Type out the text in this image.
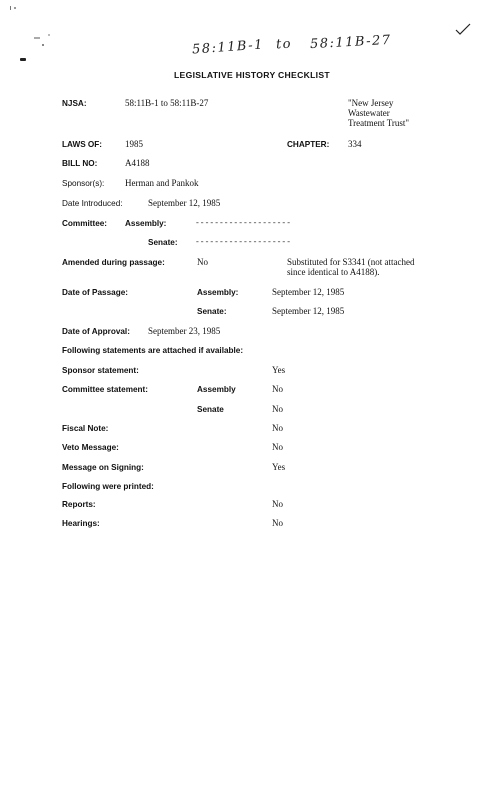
58:11B-1 to 58:11B-27
LEGISLATIVE HISTORY CHECKLIST
NJSA:	58:11B-1 to 58:11B-27	"New Jersey
Wastewater
Treatment Trust"
LAWS OF:	1985	CHAPTER: 334
BILL NO:	A4188
Sponsor(s): Herman and Pankok
Date Introduced:	September 12, 1985
Committee: Assembly:	--------------------
Senate: --------------------
Amended during passage:	No	Substituted for S3341 (not attached
since identical to A4188).
Date of Passage:	Assembly:	September 12, 1985
Senate:	September 12, 1985
Date of Approval: September 23, 1985
Following statements are attached if available:
Sponsor statement:	Yes
Committee statement:	Assembly	No
Senate	No
Fiscal Note:	No
Veto Message:	No
Message on Signing:	Yes
Following were printed:
Reports:	No
Hearings:	No
